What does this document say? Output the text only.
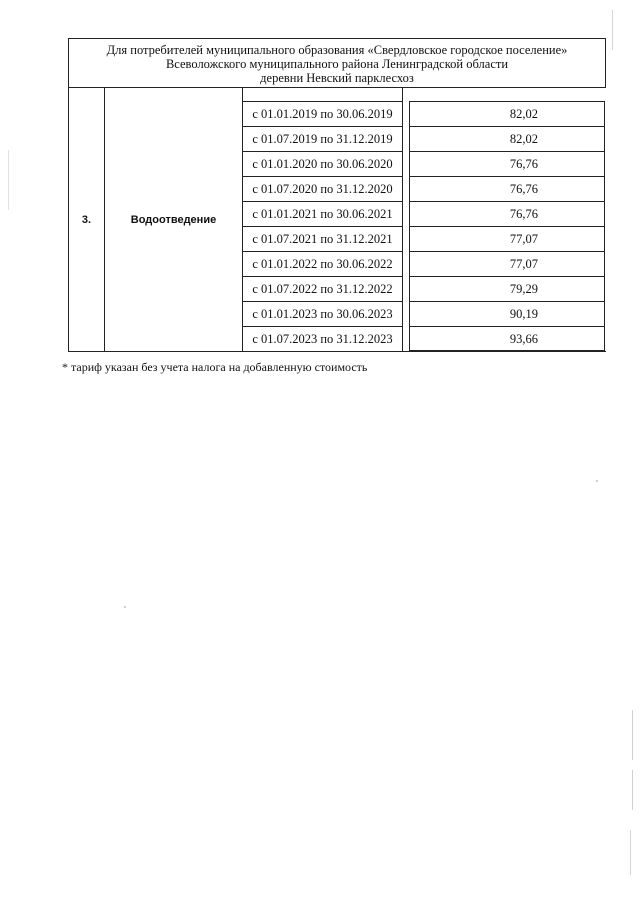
Для потребителей муниципального образования «Свердловское городское поселение»
Всеволожского муниципального района Ленинградской области
деревни Невский парклесхоз
3.	Водоотведение
с 01.01.2019 по 30.06.2019	82,02
с 01.07.2019 по 31.12.2019	82,02
с 01.01.2020 по 30.06.2020	76,76
с 01.07.2020 по 31.12.2020	76,76
с 01.01.2021 по 30.06.2021	76,76
с 01.07.2021 по 31.12.2021	77,07
с 01.01.2022 по 30.06.2022	77,07
с 01.07.2022 по 31.12.2022	79,29
с 01.01.2023 по 30.06.2023	90,19
с 01.07.2023 по 31.12.2023	93,66
* тариф указан без учета налога на добавленную стоимость
